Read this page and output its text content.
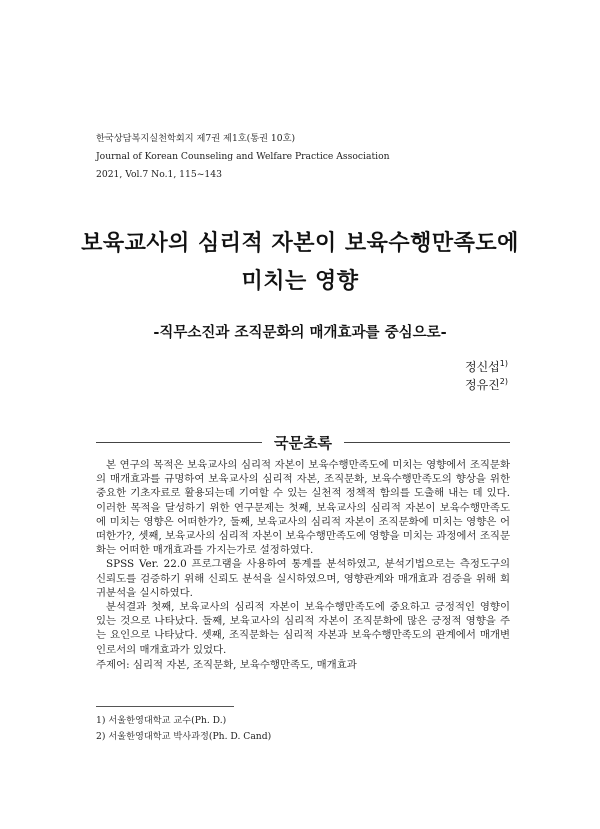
한국상담복지실천학회지 제7권 제1호(통권 10호)
Journal of Korean Counseling and Welfare Practice Association
2021, Vol.7 No.1, 115~143
보육교사의 심리적 자본이 보육수행만족도에
미치는 영향
-직무소진과 조직문화의 매개효과를 중심으로-
정신섭$^{1)}$
정유진$^{2)}$
국문초록

본 연구의 목적은 보육교사의 심리적 자본이 보육수행만족도에 미치는 영향에서 조직문화의 매개효과를 규명하여 보육교사의 심리적 자본, 조직문화, 보육수행만족도의 향상을 위한 중요한 기초자료로 활용되는데 기여할 수 있는 실천적 정책적 함의를 도출해 내는 데 있다. 이러한 목적을 달성하기 위한 연구문제는 첫째, 보육교사의 심리적 자본이 보육수행만족도에 미치는 영향은 어떠한가?, 둘째, 보육교사의 심리적 자본이 조직문화에 미치는 영향은 어떠한가?, 셋째, 보육교사의 심리적 자본이 보육수행만족도에 영향을 미치는 과정에서 조직문화는 어떠한 매개효과를 가지는가로 설정하였다.

SPSS Ver. 22.0 프로그램을 사용하여 통계를 분석하였고, 분석기법으로는 측정도구의 신뢰도를 검증하기 위해 신뢰도 분석을 실시하였으며, 영향관계와 매개효과 검증을 위해 회귀분석을 실시하였다.

분석결과 첫째, 보육교사의 심리적 자본이 보육수행만족도에 중요하고 긍정적인 영향이 있는 것으로 나타났다. 둘째, 보육교사의 심리적 자본이 조직문화에 많은 긍정적 영향을 주는 요인으로 나타났다. 셋째, 조직문화는 심리적 자본과 보육수행만족도의 관계에서 매개변인로서의 매개효과가 있었다.

주제어: 심리적 자본, 조직문화, 보육수행만족도, 매개효과
1) 서울한영대학교 교수(Ph. D.)
2) 서울한영대학교 박사과정(Ph. D. Cand)
